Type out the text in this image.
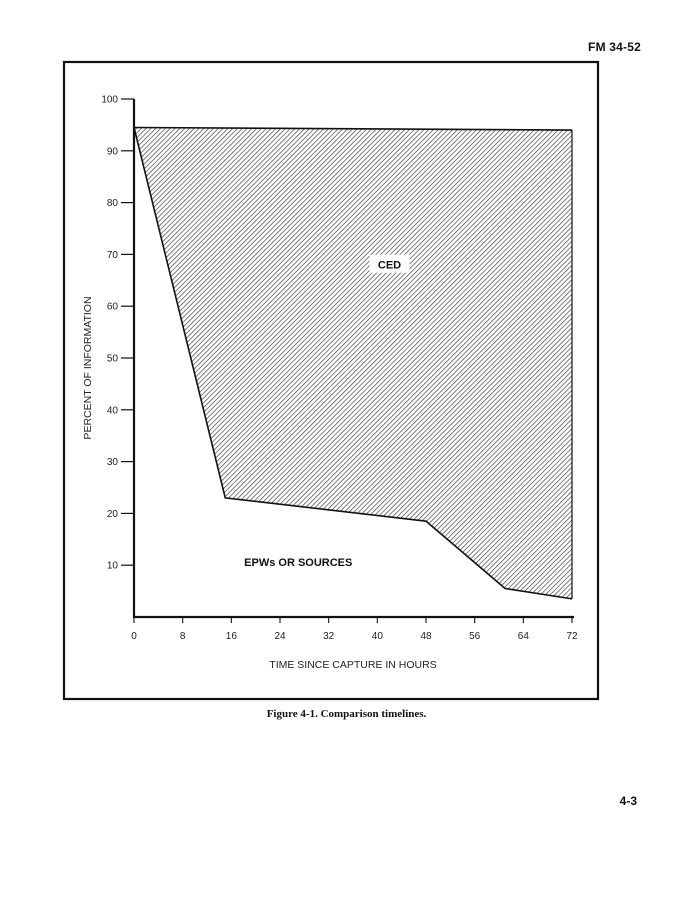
FM 34-52
10
20
30
40
50
60
70
80
90
100
0	8	16	24	32	40	48	56	64	72
TIME SINCE CAPTURE IN HOURS
PERCENT OF INFORMATION
CED
EPWs OR SOURCES
Figure 4-1. Comparison timelines.
4-3
